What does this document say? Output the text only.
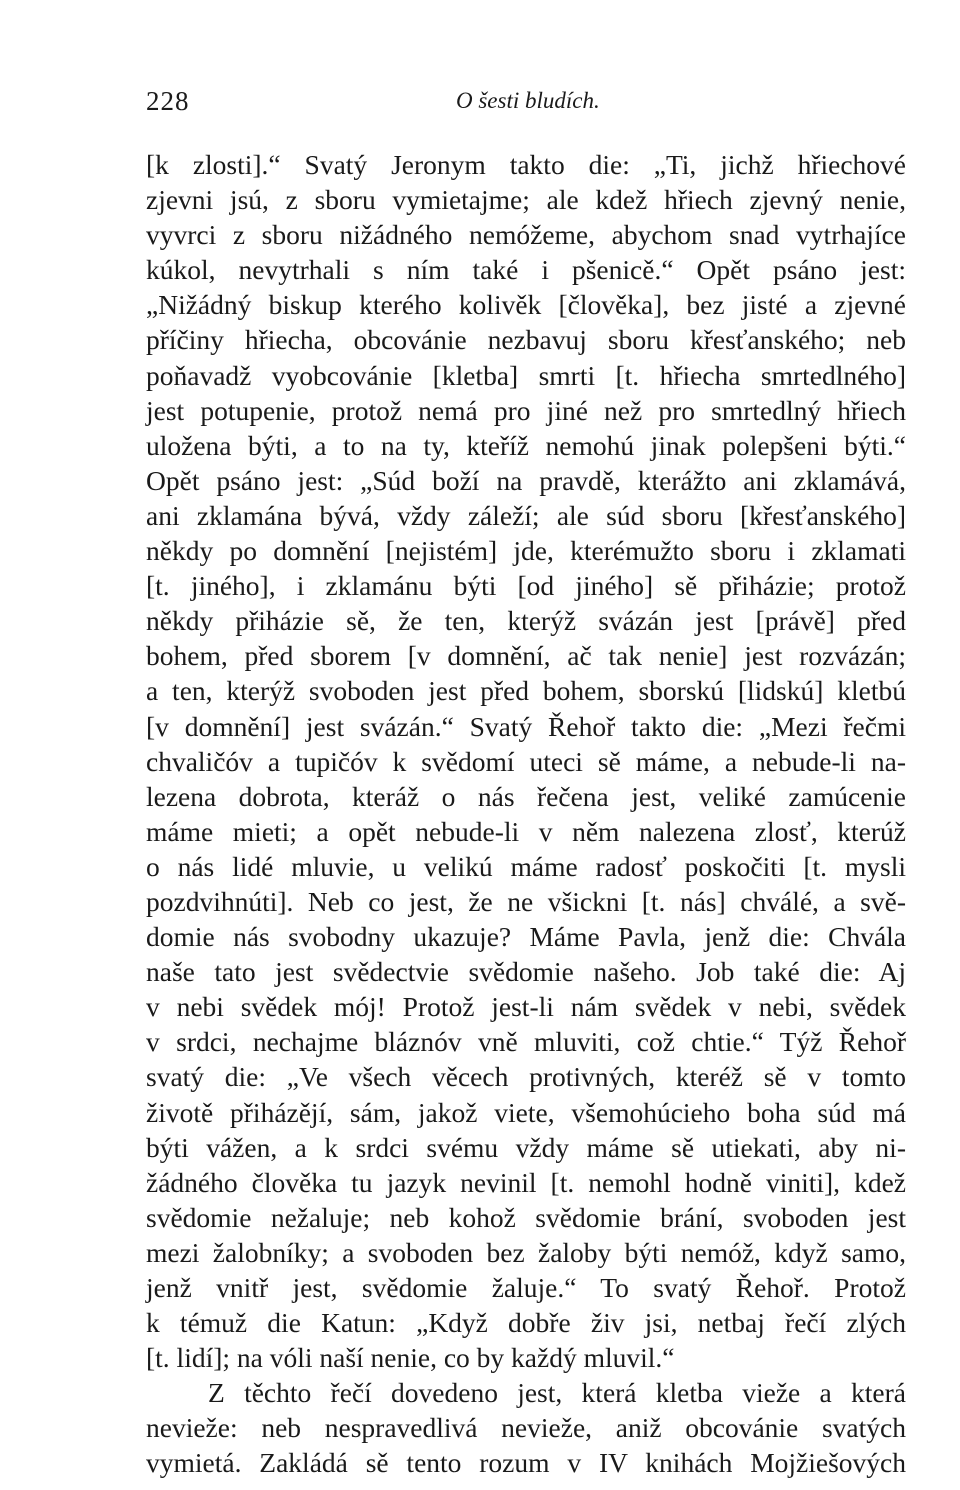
228	O šesti bludích.
[k zlosti].“ Svatý Jeronym takto die: „Ti, jichž hřiechové
zjevni jsú, z sboru vymietajme; ale kdež hřiech zjevný nenie,
vyvrci z sboru nižádného nemóžeme, abychom snad vytrhajíce
kúkol, nevytrhali s ním také i pšenicě.“ Opět psáno jest:
„Nižádný biskup kterého kolivěk [člověka], bez jisté a zjevné
příčiny hřiecha, obcovánie nezbavuj sboru křesťanského; neb
poňavadž vyobcovánie [kletba] smrti [t. hřiecha smrtedlného]
jest potupenie, protož nemá pro jiné než pro smrtedlný hřiech
uložena býti, a to na ty, kteříž nemohú jinak polepšeni býti.“
Opět psáno jest: „Súd boží na pravdě, kterážto ani zklamává,
ani zklamána bývá, vždy záleží; ale súd sboru [křesťanského]
někdy po domnění [nejistém] jde, kterémužto sboru i zklamati
[t. jiného], i zklamánu býti [od jiného] sě přiházie; protož
někdy přiházie sě, že ten, kterýž svázán jest [právě] před
bohem, před sborem [v domnění, ač tak nenie] jest rozvázán;
a ten, kterýž svoboden jest před bohem, sborskú [lidskú] kletbú
[v domnění] jest svázán.“ Svatý Řehoř takto die: „Mezi řečmi
chvaličóv a tupičóv k svědomí uteci sě máme, a nebude-li na-
lezena dobrota, kteráž o nás řečena jest, veliké zamúcenie
máme mieti; a opět nebude-li v něm nalezena zlosť, kterúž
o nás lidé mluvie, u velikú máme radosť poskočiti [t. mysli
pozdvihnúti]. Neb co jest, že ne všickni [t. nás] chválé, a svě-
domie nás svobodny ukazuje? Máme Pavla, jenž die: Chvála
naše tato jest svědectvie svědomie našeho. Job také die: Aj
v nebi svědek mój! Protož jest-li nám svědek v nebi, svědek
v srdci, nechajme bláznóv vně mluviti, což chtie.“ Týž Řehoř
svatý die: „Ve všech věcech protivných, kteréž sě v tomto
životě přiházějí, sám, jakož viete, všemohúcieho boha súd má
býti vážen, a k srdci svému vždy máme sě utiekati, aby ni-
žádného člověka tu jazyk nevinil [t. nemohl hodně viniti], kdež
svědomie nežaluje; neb kohož svědomie brání, svoboden jest
mezi žalobníky; a svoboden bez žaloby býti nemóž, když samo,
jenž vnitř jest, svědomie žaluje.“ To svatý Řehoř. Protož
k témuž die Katun: „Když dobře živ jsi, netbaj řečí zlých
[t. lidí]; na vóli naší nenie, co by každý mluvil.“
Z těchto řečí dovedeno jest, která kletba vieže a která
nevieže: neb nespravedlivá nevieže, aniž obcovánie svatých
vymietá. Zakládá sě tento rozum v IV knihách Mojžiešových
